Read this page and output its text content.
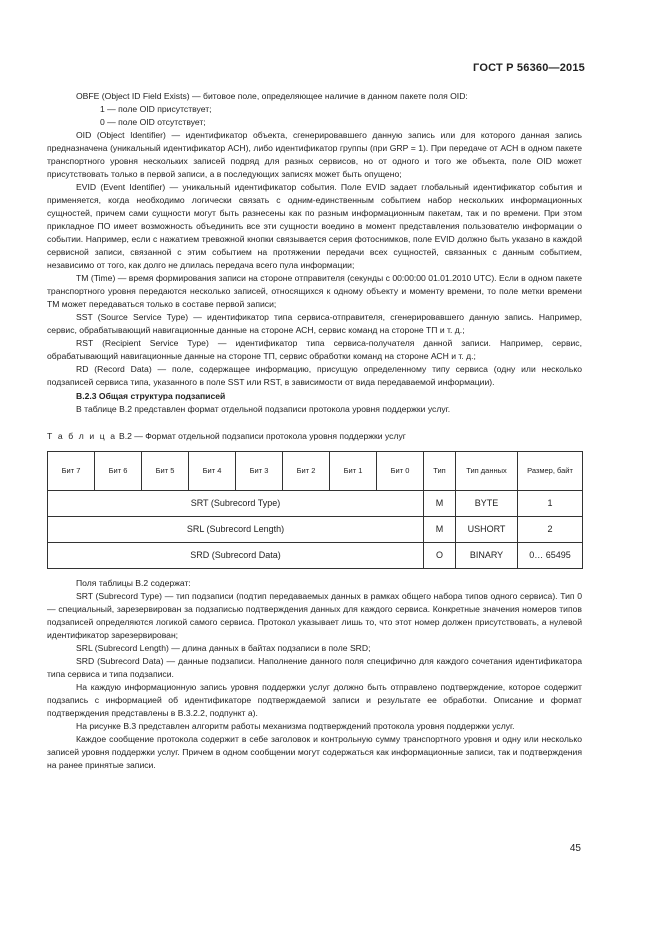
ГОСТ Р 56360—2015

OBFE (Object ID Field Exists) — битовое поле, определяющее наличие в данном пакете поля OID:

1 — поле OID присутствует;

0 — поле OID отсутствует;

OID (Object Identifier) — идентификатор объекта, сгенерировавшего данную запись или для которого данная запись предназначена (уникальный идентификатор АСН), либо идентификатор группы (при GRP = 1). При передаче от АСН в одном пакете транспортного уровня нескольких записей подряд для разных сервисов, но от одного и того же объекта, поле OID может присутствовать только в первой записи, а в последующих записях может быть опущено;

EVID (Event Identifier) — уникальный идентификатор события. Поле EVID задает глобальный идентификатор события и применяется, когда необходимо логически связать с одним-единственным событием набор нескольких информационных сущностей, причем сами сущности могут быть разнесены как по разным информационным пакетам, так и по времени. При этом прикладное ПО имеет возможность объединить все эти сущности воедино в момент представления пользователю информации о событии. Например, если с нажатием тревожной кнопки связывается серия фотоснимков, поле EVID должно быть указано в каждой сервисной записи, связанной с этим событием на протяжении передачи всех сущностей, связанных с данным событием, независимо от того, как долго не длилась передача всего пула информации;

TM (Time) — время формирования записи на стороне отправителя (секунды с 00:00:00 01.01.2010 UTC). Если в одном пакете транспортного уровня передаются несколько записей, относящихся к одному объекту и моменту времени, то поле метки времени TM может передаваться только в составе первой записи;

SST (Source Service Type) — идентификатор типа сервиса-отправителя, сгенерировавшего данную запись. Например, сервис, обрабатывающий навигационные данные на стороне АСН, сервис команд на стороне ТП и т. д.;

RST (Recipient Service Type) — идентификатор типа сервиса-получателя данной записи. Например, сервис, обрабатывающий навигационные данные на стороне ТП, сервис обработки команд на стороне АСН и т. д.;

RD (Record Data) — поле, содержащее информацию, присущую определенному типу сервиса (одну или несколько подзаписей сервиса типа, указанного в поле SST или RST, в зависимости от вида передаваемой информации).

B.2.3 Общая структура подзаписей

В таблице В.2 представлен формат отдельной подзаписи протокола уровня поддержки услуг.

Т а б л и ц а B.2 — Формат отдельной подзаписи протокола уровня поддержки услуг

Бит 7	Бит 6	Бит 5	Бит 4	Бит 3	Бит 2	Бит 1	Бит 0	Тип	Тип данных	Размер, байт
SRT (Subrecord Type)								M	BYTE	1
SRL (Subrecord Length)								M	USHORT	2
SRD (Subrecord Data)								O	BINARY	0… 65495

Поля таблицы В.2 содержат:

SRT (Subrecord Type) — тип подзаписи (подтип передаваемых данных в рамках общего набора типов одного сервиса). Тип 0 — специальный, зарезервирован за подзаписью подтверждения данных для каждого сервиса. Конкретные значения номеров типов подзаписей определяются логикой самого сервиса. Протокол указывает лишь то, что этот номер должен присутствовать, а нулевой идентификатор зарезервирован;

SRL (Subrecord Length) — длина данных в байтах подзаписи в поле SRD;

SRD (Subrecord Data) — данные подзаписи. Наполнение данного поля специфично для каждого сочетания идентификатора типа сервиса и типа подзаписи.

На каждую информационную запись уровня поддержки услуг должно быть отправлено подтверждение, которое содержит подзапись с информацией об идентификаторе подтверждаемой записи и результате ее обработки. Описание и формат подтверждения представлены в В.3.2.2, подпункт а).

На рисунке В.3 представлен алгоритм работы механизма подтверждений протокола уровня поддержки услуг.

Каждое сообщение протокола содержит в себе заголовок и контрольную сумму транспортного уровня и одну или несколько записей уровня поддержки услуг. Причем в одном сообщении могут содержаться как информационные записи, так и подтверждения на ранее принятые записи.

45
